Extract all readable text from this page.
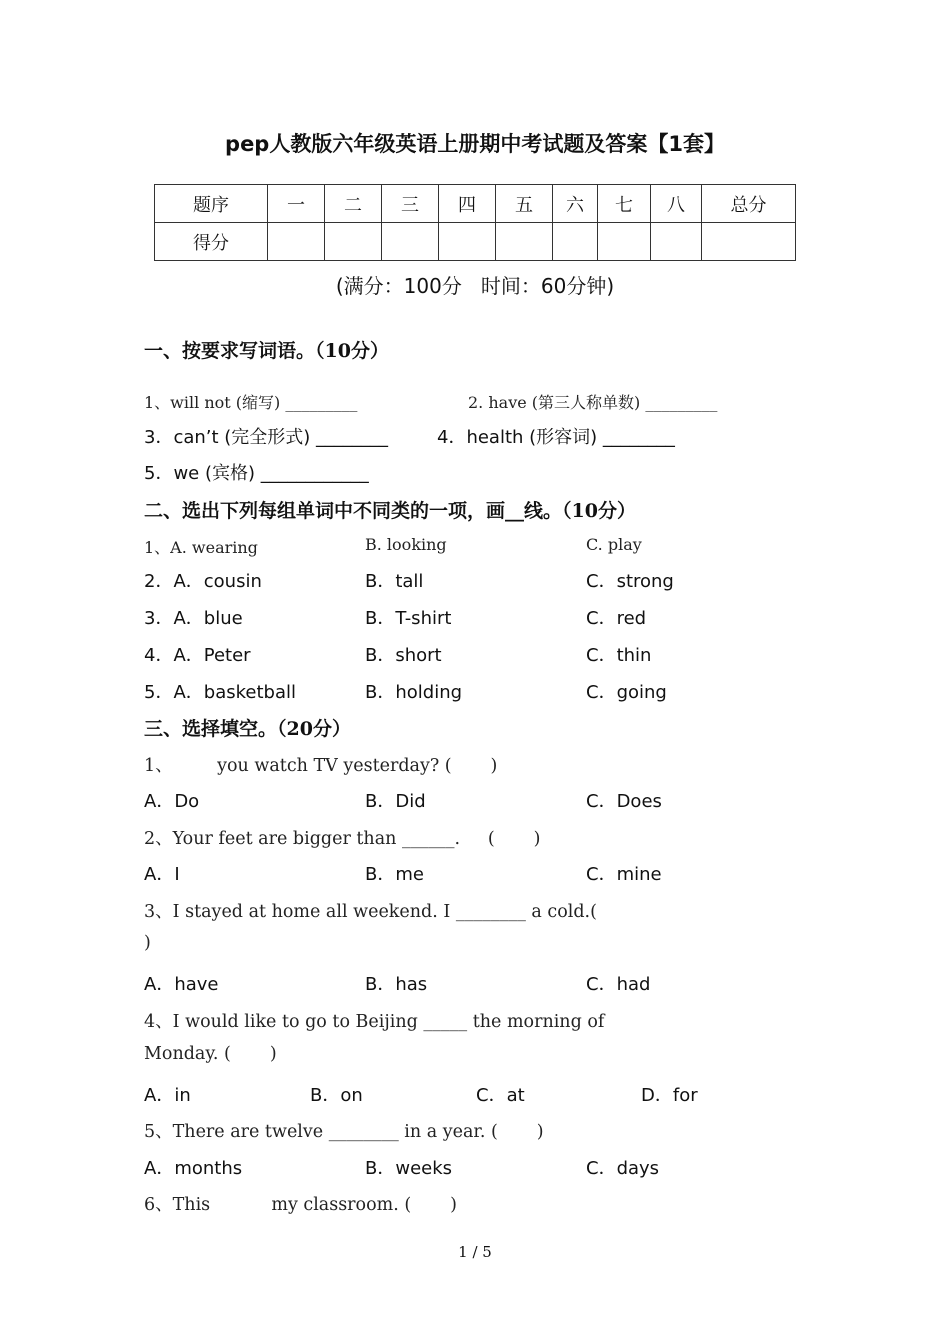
pep人教版六年级英语上册期中考试题及答案【1套】
题序	一	二	三	四	五	六	七	八	总分
得分									
(满分：100分   时间：60分钟)
一、按要求写词语。（10分）
1、will not (缩写) _________	2. have (第三人称单数) _________
3．can’t (完全形式) ________	4．health (形容词) ________
5．we (宾格) ____________
二、选出下列每组单词中不同类的一项，画__线。（10分）
1、A. wearing	B. looking	C. play
2．A．cousin	B．tall	C．strong
3．A．blue	B．T-shirt	C．red
4．A．Peter	B．short	C．thin
5．A．basketball	B．holding	C．going
三、选择填空。（20分）
1、        you watch TV yesterday? (       )
A．Do	B．Did	C．Does
2、Your feet are bigger than ______.     (       )
A．I	B．me	C．mine
3、I stayed at home all weekend. I ________ a cold.(
)
A．have	B．has	C．had
4、I would like to go to Beijing _____ the morning of
Monday. (       )
A．in	B．on	C．at	D．for
5、There are twelve ________ in a year. (       )
A．months	B．weeks	C．days
6、This           my classroom. (       )
1 / 5
